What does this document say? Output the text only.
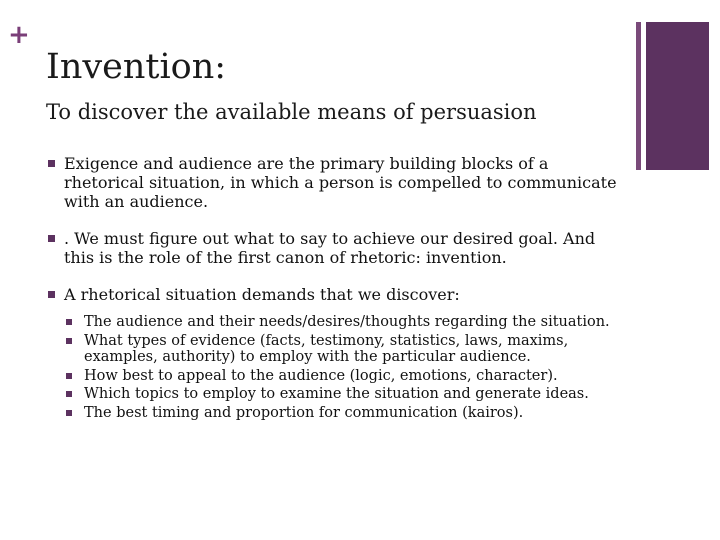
+
Invention:
To discover the available means of persuasion
Exigence and audience are the primary building blocks of a rhetorical situation, in which a person is compelled to communicate with an audience.
. We must figure out what to say to achieve our desired goal. And this is the role of the first canon of rhetoric: invention.
A rhetorical situation demands that we discover:
The audience and their needs/desires/thoughts regarding the situation.
What types of evidence (facts, testimony, statistics, laws, maxims, examples, authority) to employ with the particular audience.
How best to appeal to the audience (logic, emotions, character).
Which topics to employ to examine the situation and generate ideas.
The best timing and proportion for communication (kairos).
